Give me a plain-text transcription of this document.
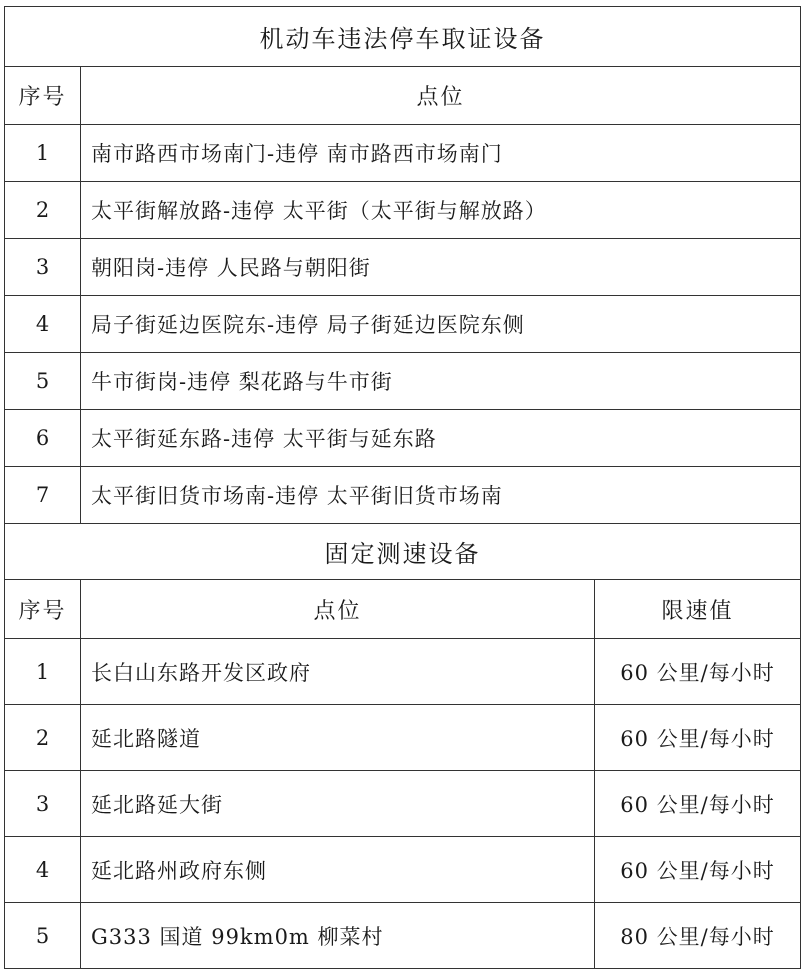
机动车违法停车取证设备		
序号	点位	
1	南市路西市场南门-违停 南市路西市场南门	
2	太平街解放路-违停 太平街（太平街与解放路）	
3	朝阳岗-违停 人民路与朝阳街	
4	局子街延边医院东-违停 局子街延边医院东侧	
5	牛市街岗-违停 梨花路与牛市街	
6	太平街延东路-违停 太平街与延东路	
7	太平街旧货市场南-违停 太平街旧货市场南	
固定测速设备		
序号	点位	限速值
1	长白山东路开发区政府	60 公里/每小时
2	延北路隧道	60 公里/每小时
3	延北路延大街	60 公里/每小时
4	延北路州政府东侧	60 公里/每小时
5	G333 国道 99km0m 柳菜村	80 公里/每小时
